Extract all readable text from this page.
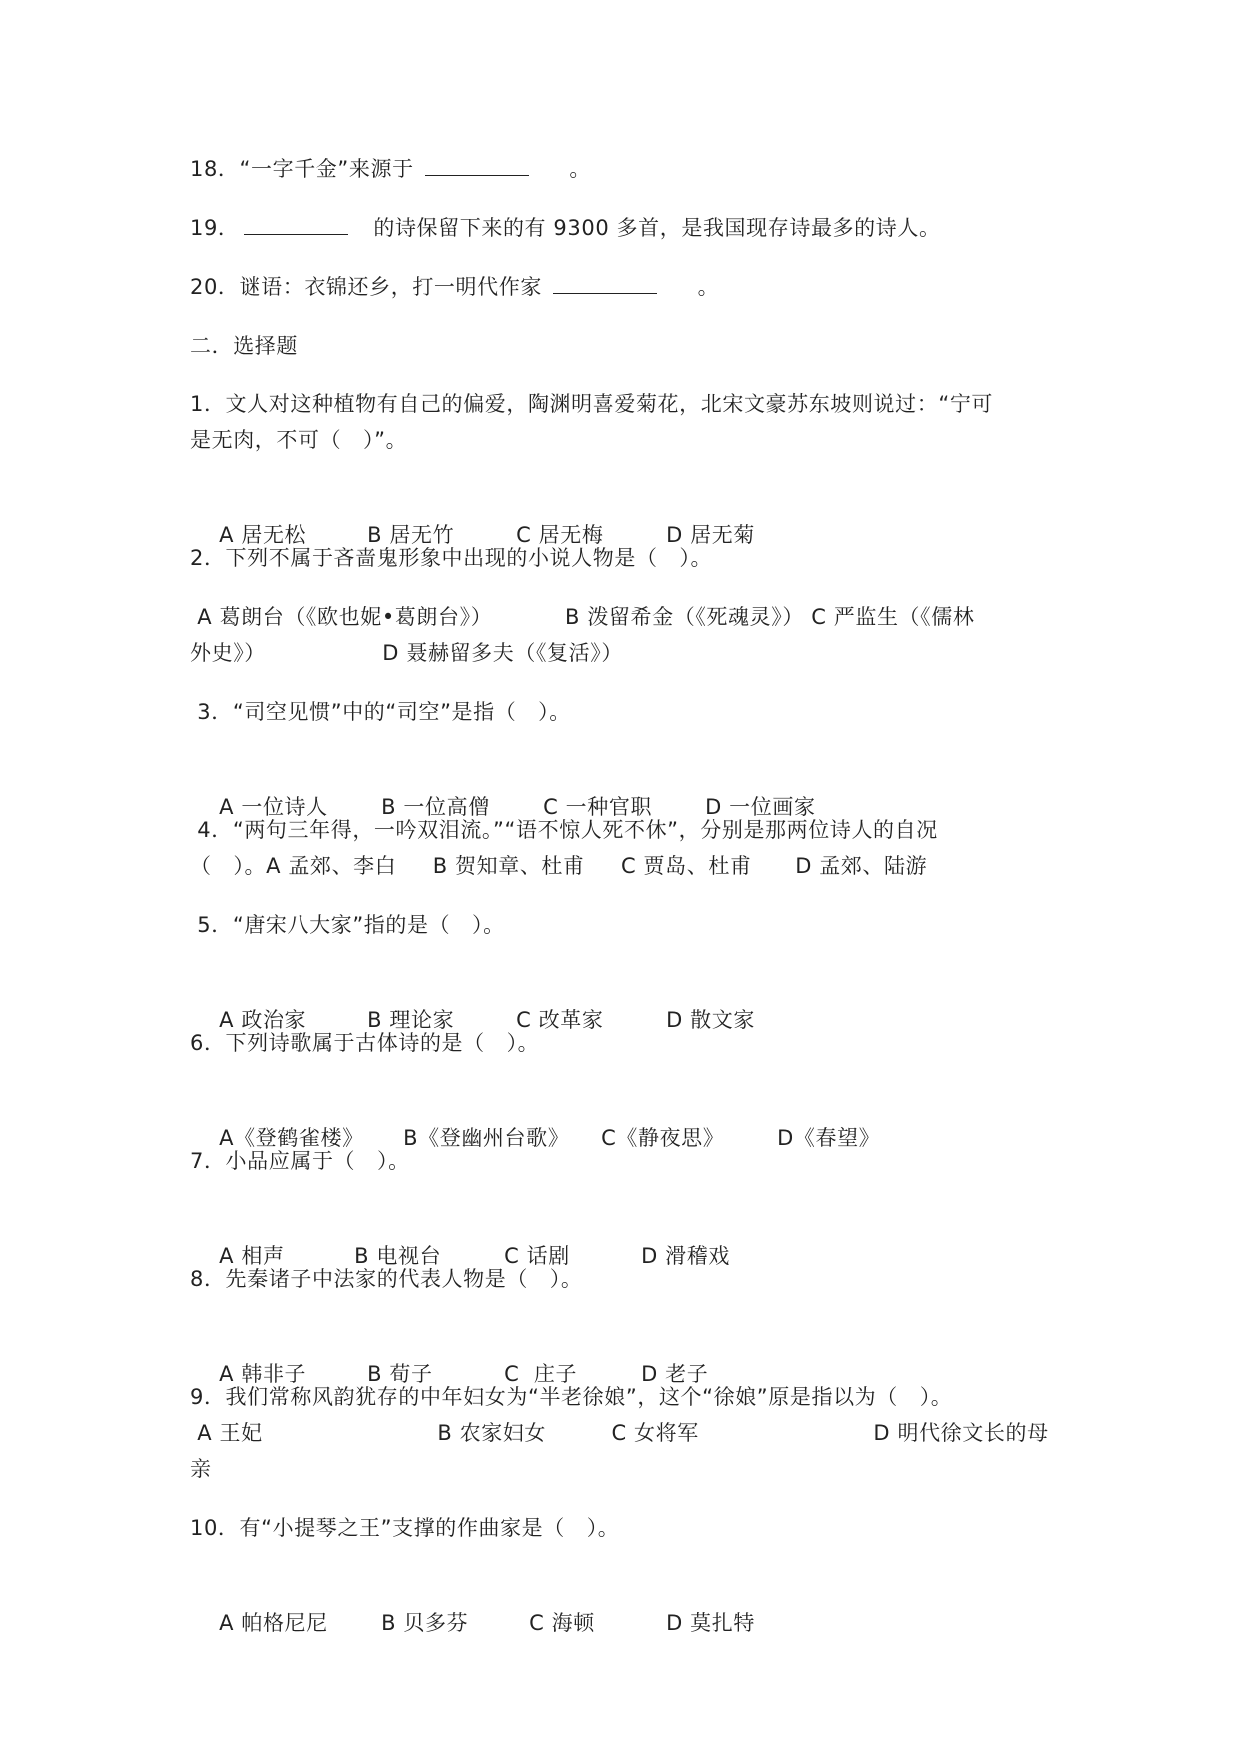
18．“一字千金”来源于	。
19．	的诗保留下来的有 9300 多首，是我国现存诗最多的诗人。
20．谜语：衣锦还乡，打一明代作家	。
二．选择题
1．文人对这种植物有自己的偏爱，陶渊明喜爱菊花，北宋文豪苏东坡则说过：“宁可
是无肉，不可（   ）”。

A 居无松	B 居无竹	C 居无梅	D 居无菊

2．下列不属于吝啬鬼形象中出现的小说人物是（   ）。
A 葛朗台（《欧也妮•葛朗台》）          B 泼留希金（《死魂灵》） C 严监生（《儒林
外史》）                D 聂赫留多夫（《复活》）
3．“司空见惯”中的“司空”是指（   ）。

A 一位诗人	B 一位高僧	C 一种官职	D 一位画家

4．“两句三年得，一吟双泪流。”“语不惊人死不休”，分别是那两位诗人的自况
（   ）。A 孟郊、李白     B 贺知章、杜甫     C 贾岛、杜甫      D 孟郊、陆游
5．“唐宋八大家”指的是（   ）。

A 政治家	B 理论家	C 改革家	D 散文家

6．下列诗歌属于古体诗的是（   ）。

A《登鹤雀楼》 B《登幽州台歌》 C《静夜思》	D《春望》

7．小品应属于（   ）。

A 相声	B 电视台	C 话剧	D 滑稽戏

8．先秦诸子中法家的代表人物是（   ）。

A 韩非子	B 荀子	C  庄子	D 老子

9．我们常称风韵犹存的中年妇女为“半老徐娘”，这个“徐娘”原是指以为（   ）。
A 王妃                        B 农家妇女         C 女将军                        D 明代徐文长的母
亲
10．有“小提琴之王”支撑的作曲家是（   ）。

A 帕格尼尼	B 贝多芬	C 海顿	D 莫扎特
